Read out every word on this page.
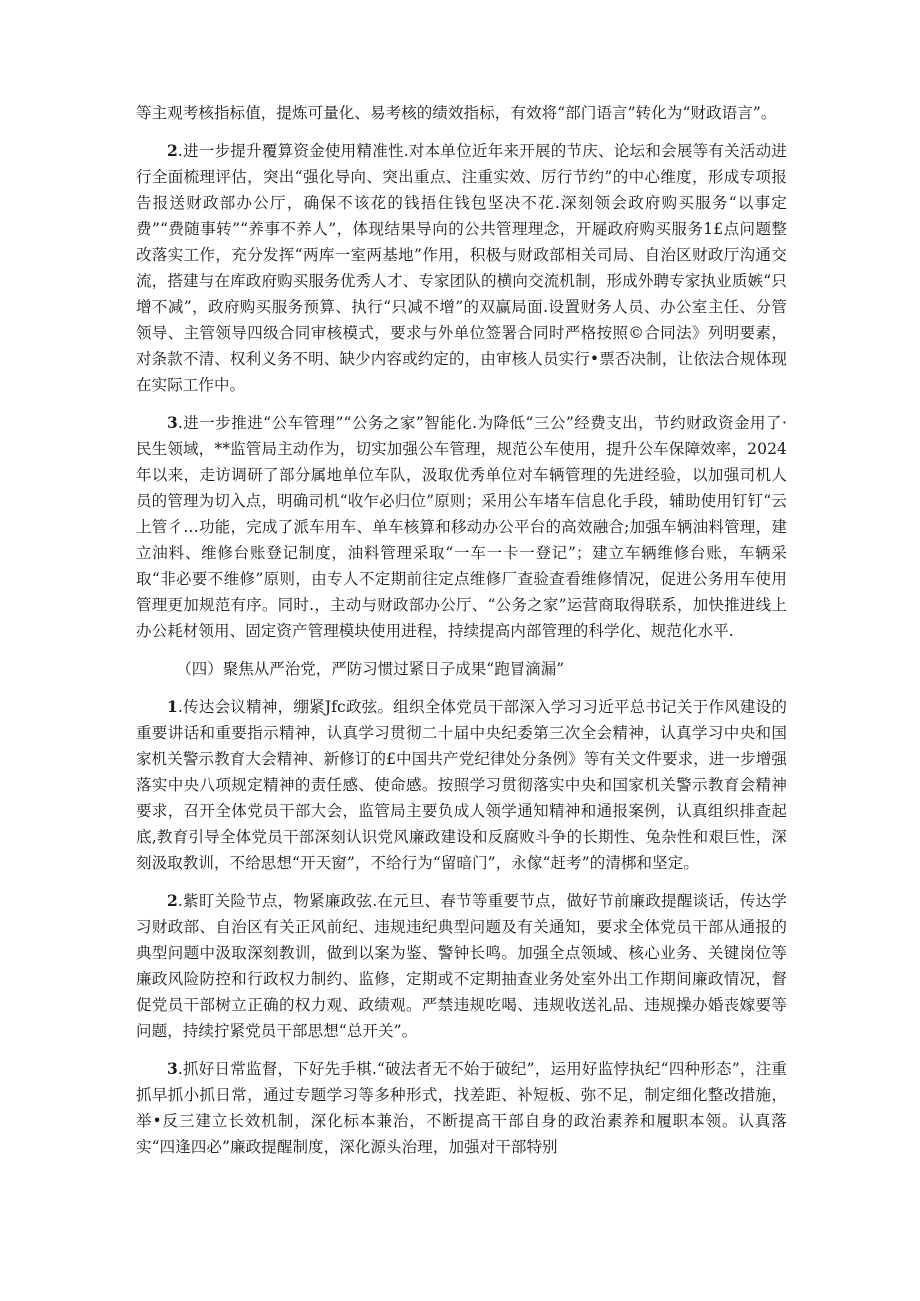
等主观考核指标值，提炼可量化、易考核的绩效指标，有效将“部门语言”转化为“财政语言”。

2.进一步提升覆算资金使用精准性.对本单位近年来开展的节庆、论坛和会展等有关活动进行全面梳理评估，突出“强化导向、突出重点、注重实效、厉行节约”的中心维度，形成专项报告报送财政部办公厅，确保不该花的钱捂住钱包坚决不花.深刻领会政府购买服务“以事定费”“费随事转”“养事不养人”，体现结果导向的公共管理理念，开屣政府购买服务1£点问题整改落实工作，充分发挥“两库一室两基地”作用，积极与财政部相关司局、自治区财政厅沟通交流，搭建与在库政府购买服务优秀人才、专家团队的横向交流机制，形成外聘专家执业质嫉“只增不减”，政府购买服务预算、执行“只减不增”的双赢局面.设置财务人员、办公室主任、分管领导、主管领导四级合同审核模式，要求与外单位签署合同时严格按照©合同法》列明要素，对条款不清、权利义务不明、缺少内容或约定的，由审核人员实行•票否决制，让依法合规体现在实际工作中。

3.进一步推进“公车管理”“公务之家”智能化.为降低“三公”经费支出，节约财政资金用了·民生领域，**监管局主动作为，切实加强公车管理，规范公车使用，提升公车保障效率，2024年以来，走访调研了部分属地单位车队，汲取优秀单位对车辆管理的先进经验，以加强司机人员的管理为切入点，明确司机“收乍必归位”原则；采用公车堵车信息化手段，辅助使用钉钉“云上管彳…功能，完成了派车用车、单车核算和移动办公平台的高效融合;加强车辆油料管理，建立油料、维修台账登记制度，油料管理采取“一车一卡一登记”；建立车辆维修台账，车辆采取“非必要不维修”原则，由专人不定期前往定点维修厂查验查看维修情况，促进公务用车使用管理更加规范有序。同时.，主动与财政部办公厅、“公务之家”运营商取得联系，加快推进线上办公耗材领用、固定资产管理模块使用进程，持续提高内部管理的科学化、规范化水平.

（四）聚焦从严治党，严防习惯过紧日子成果“跑冒滴漏”

1.传达会议精神，绷紧Jfc政弦。组织全体党员干部深入学习习近平总书记关于作风建设的重要讲话和重要指示精神，认真学习贯彻二十届中央纪委第三次全会精神，认真学习中央和国家机关警示教育大会精神、新修订的£中国共产党纪律处分条例》等有关文件要求，进一步增强落实中央八项规定精神的责任感、使命感。按照学习贯彻落实中央和国家机关警示教育会精神要求，召开全体党员干部大会，监管局主要负成人领学通知精神和通报案例，认真组织排查起底,教育引导全体党员干部深刻认识党风廉政建设和反腐败斗争的长期性、兔杂性和艰巨性，深刻汲取教训，不给思想“开天窗”，不给行为“留暗门”，永傢“赶考”的清梆和坚定。

2.紫盯关险节点，物紧廉政弦.在元旦、春节等重要节点，做好节前廉政提醒谈话，传达学习财政部、自治区有关正风前纪、违规违纪典型问题及有关通知，要求全体党员干部从通报的典型问题中汲取深刻教训，做到以案为鉴、警钟长鸣。加强全点领域、核心业务、关键岗位等廉政风险防控和行政权力制约、监修，定期或不定期抽查业务处室外出工作期间廉政情况，督促党员干部树立正确的权力观、政绩观。严禁违规吃喝、违规收送礼品、违规操办婚丧嫁要等问题，持续拧紧党员干部思想“总开关”。

3.抓好日常监督，下好先手棋.“破法者无不始于破纪”，运用好监悖执纪“四种形态”，注重抓早抓小抓日常，通过专题学习等多种形式，找差距、补短板、弥不足，制定细化整改措施，举•反三建立长效机制，深化标本兼治，不断提高干部自身的政治素养和履职本领。认真落实“四逢四必”廉政提醒制度，深化源头治理，加强对干部特别
